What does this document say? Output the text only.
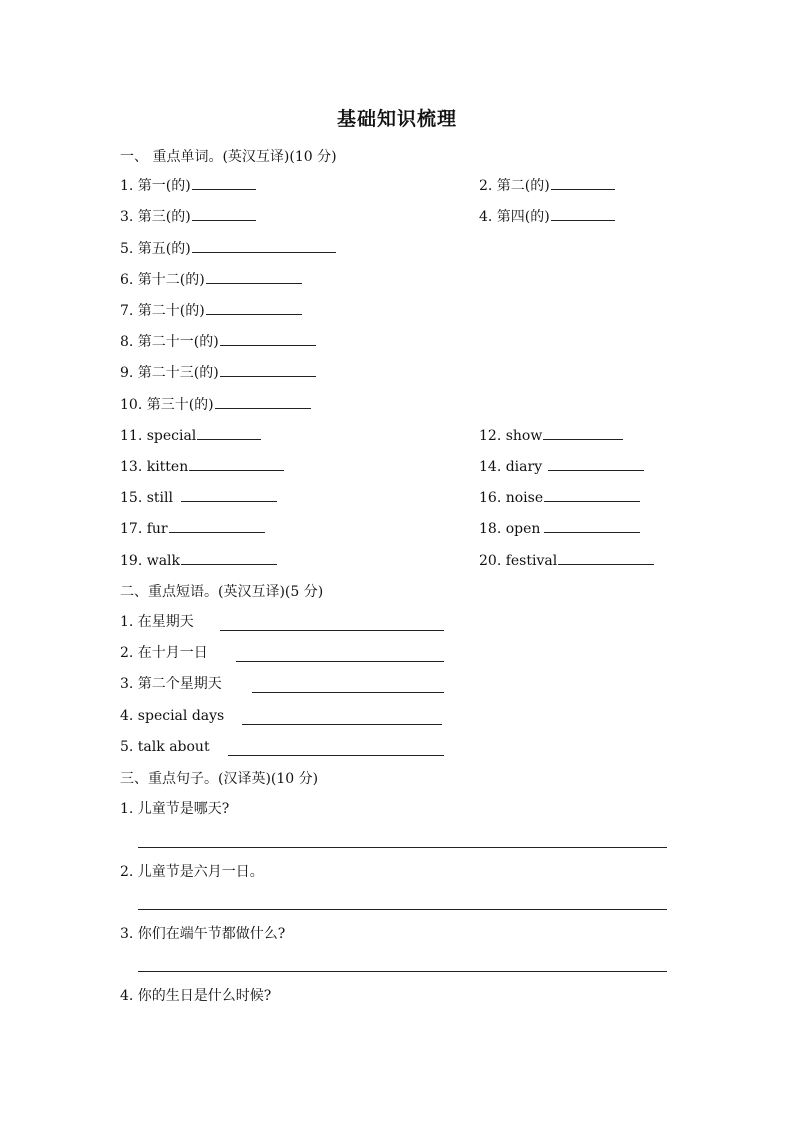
基础知识梳理
一、 重点单词。(英汉互译)(10 分)
1. 第一(的)	2. 第二(的)
3. 第三(的)	4. 第四(的)
5. 第五(的)
6. 第十二(的)
7. 第二十(的)
8. 第二十一(的)
9. 第二十三(的)
10. 第三十(的)
11. special	12. show
13. kitten	14. diary
15. still	16. noise
17. fur	18. open
19. walk	20. festival
二、重点短语。(英汉互译)(5 分)
1. 在星期天
2. 在十月一日
3. 第二个星期天
4. special days
5. talk about
三、重点句子。(汉译英)(10 分)
1. 儿童节是哪天?
2. 儿童节是六月一日。
3. 你们在端午节都做什么?
4. 你的生日是什么时候?
